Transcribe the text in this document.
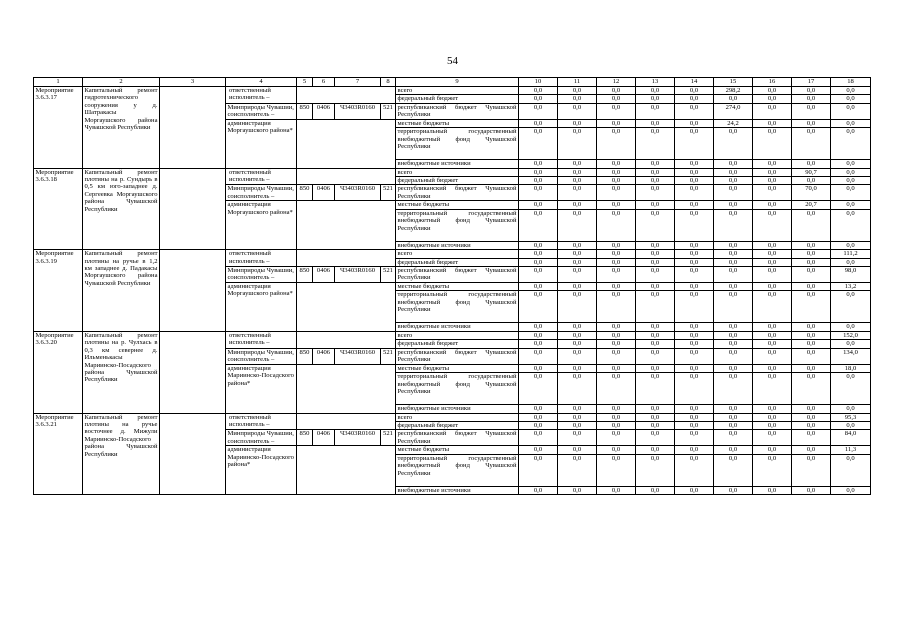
54
1	2	3	4	5	6	7	8	9	10	11	12	13	14	15	16	17	18
Мероприятие 3.6.3.17	Капитальный ремонт гидротехнического сооружения у д. Шатракасы Моргаушского района Чувашской Республики		ответственный исполнитель –					всего	0,0	0,0	0,0	0,0	0,0	298,2	0,0	0,0	0,0
								федеральный бюджет	0,0	0,0	0,0	0,0	0,0	0,0	0,0	0,0	0,0
			Минприроды Чувашии, соисполнитель –	850	0406	Ч3403R0160	521	республиканский бюджет Чувашской Республики	0,0	0,0	0,0	0,0	0,0	274,0	0,0	0,0	0,0
			администрация Моргаушского района*					местные бюджеты	0,0	0,0	0,0	0,0	0,0	24,2	0,0	0,0	0,0
								территориальный государственный внебюджетный фонд Чувашской Республики	0,0	0,0	0,0	0,0	0,0	0,0	0,0	0,0	0,0
								внебюджетные источники	0,0	0,0	0,0	0,0	0,0	0,0	0,0	0,0	0,0
Мероприятие 3.6.3.18	Капитальный ремонт плотины на р. Сундырь в 0,5 км юго-западнее д. Сергеевка Моргаушского района Чувашской Республики		ответственный исполнитель –					всего	0,0	0,0	0,0	0,0	0,0	0,0	0,0	90,7	0,0
								федеральный бюджет	0,0	0,0	0,0	0,0	0,0	0,0	0,0	0,0	0,0
			Минприроды Чувашии, соисполнитель –	850	0406	Ч3403R0160	521	республиканский бюджет Чувашской Республики	0,0	0,0	0,0	0,0	0,0	0,0	0,0	70,0	0,0
			администрация Моргаушского района*					местные бюджеты	0,0	0,0	0,0	0,0	0,0	0,0	0,0	20,7	0,0
								территориальный государственный внебюджетный фонд Чувашской Республики	0,0	0,0	0,0	0,0	0,0	0,0	0,0	0,0	0,0
								внебюджетные источники	0,0	0,0	0,0	0,0	0,0	0,0	0,0	0,0	0,0
Мероприятие 3.6.3.19	Капитальный ремонт плотины на ручье в 1,2 км западнее д. Падакасы Моргаушского района Чувашской Республики		ответственный исполнитель –					всего	0,0	0,0	0,0	0,0	0,0	0,0	0,0	0,0	111,2
								федеральный бюджет	0,0	0,0	0,0	0,0	0,0	0,0	0,0	0,0	0,0
			Минприроды Чувашии, соисполнитель –	850	0406	Ч3403R0160	521	республиканский бюджет Чувашской Республики	0,0	0,0	0,0	0,0	0,0	0,0	0,0	0,0	98,0
			администрация Моргаушского района*					местные бюджеты	0,0	0,0	0,0	0,0	0,0	0,0	0,0	0,0	13,2
								территориальный государственный внебюджетный фонд Чувашской Республики	0,0	0,0	0,0	0,0	0,0	0,0	0,0	0,0	0,0
								внебюджетные источники	0,0	0,0	0,0	0,0	0,0	0,0	0,0	0,0	0,0
Мероприятие 3.6.3.20	Капитальный ремонт плотины на р. Чулхась в 0,3 км севернее д. Ильменькасы Мариинско-Посадского района Чувашской Республики		ответственный исполнитель –					всего	0,0	0,0	0,0	0,0	0,0	0,0	0,0	0,0	152,0
								федеральный бюджет	0,0	0,0	0,0	0,0	0,0	0,0	0,0	0,0	0,0
			Минприроды Чувашии, соисполнитель –	850	0406	Ч3403R0160	521	республиканский бюджет Чувашской Республики	0,0	0,0	0,0	0,0	0,0	0,0	0,0	0,0	134,0
			администрация Мариинско-Посадского района*					местные бюджеты	0,0	0,0	0,0	0,0	0,0	0,0	0,0	0,0	18,0
								территориальный государственный внебюджетный фонд Чувашской Республики	0,0	0,0	0,0	0,0	0,0	0,0	0,0	0,0	0,0
								внебюджетные источники	0,0	0,0	0,0	0,0	0,0	0,0	0,0	0,0	0,0
Мероприятие 3.6.3.21	Капитальный ремонт плотины на ручье восточнее д. Мижули Мариинско-Посадского района Чувашской Республики		ответственный исполнитель –					всего	0,0	0,0	0,0	0,0	0,0	0,0	0,0	0,0	95,3
								федеральный бюджет	0,0	0,0	0,0	0,0	0,0	0,0	0,0	0,0	0,0
			Минприроды Чувашии, соисполнитель –	850	0406	Ч3403R0160	521	республиканский бюджет Чувашской Республики	0,0	0,0	0,0	0,0	0,0	0,0	0,0	0,0	84,0
			администрация Мариинско-Посадского района*					местные бюджеты	0,0	0,0	0,0	0,0	0,0	0,0	0,0	0,0	11,3
								территориальный государственный внебюджетный фонд Чувашской Республики	0,0	0,0	0,0	0,0	0,0	0,0	0,0	0,0	0,0
								внебюджетные источники	0,0	0,0	0,0	0,0	0,0	0,0	0,0	0,0	0,0
